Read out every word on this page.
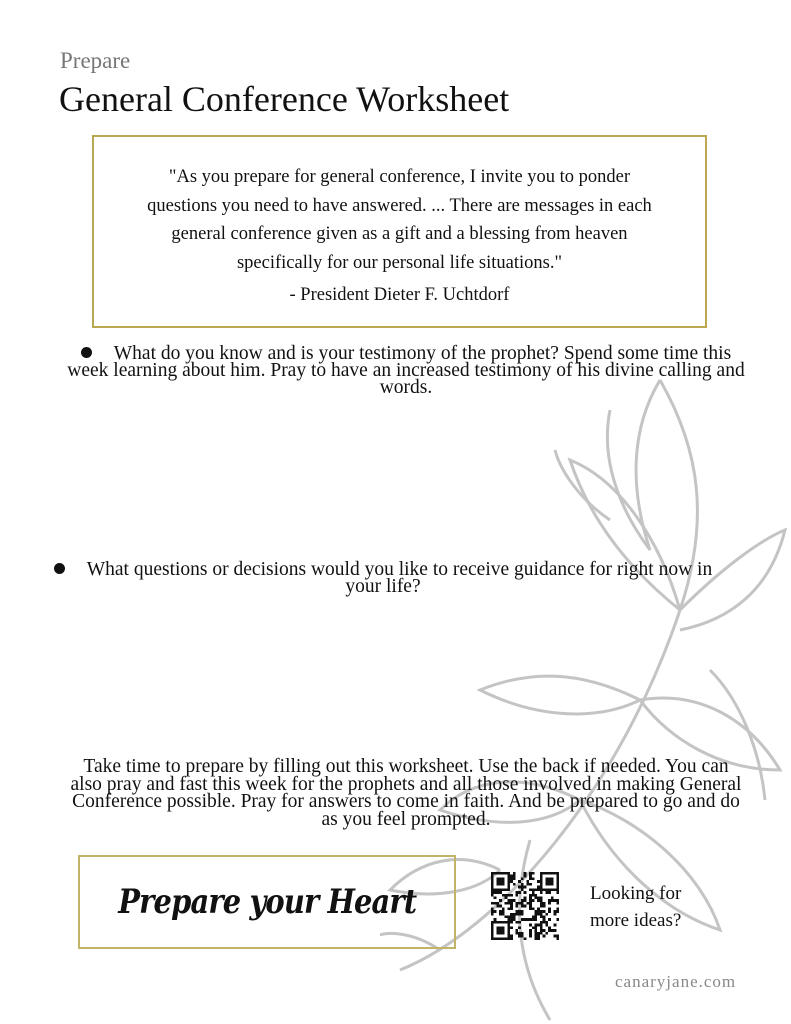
Prepare
General Conference Worksheet
"As you prepare for general conference, I invite you to ponder questions you need to have answered. ... There are messages in each general conference given as a gift and a blessing from heaven specifically for our personal life situations."
- President Dieter F. Uchtdorf
What do you know and is your testimony of the prophet? Spend some time this week learning about him. Pray to have an increased testimony of his divine calling and words.
What questions or decisions would you like to receive guidance for right now in your life?
Take time to prepare by filling out this worksheet. Use the back if needed. You can also pray and fast this week for the prophets and all those involved in making General Conference possible. Pray for answers to come in faith. And be prepared to go and do as you feel prompted.
Prepare your Heart	Looking for
more ideas?
canaryjane.com
